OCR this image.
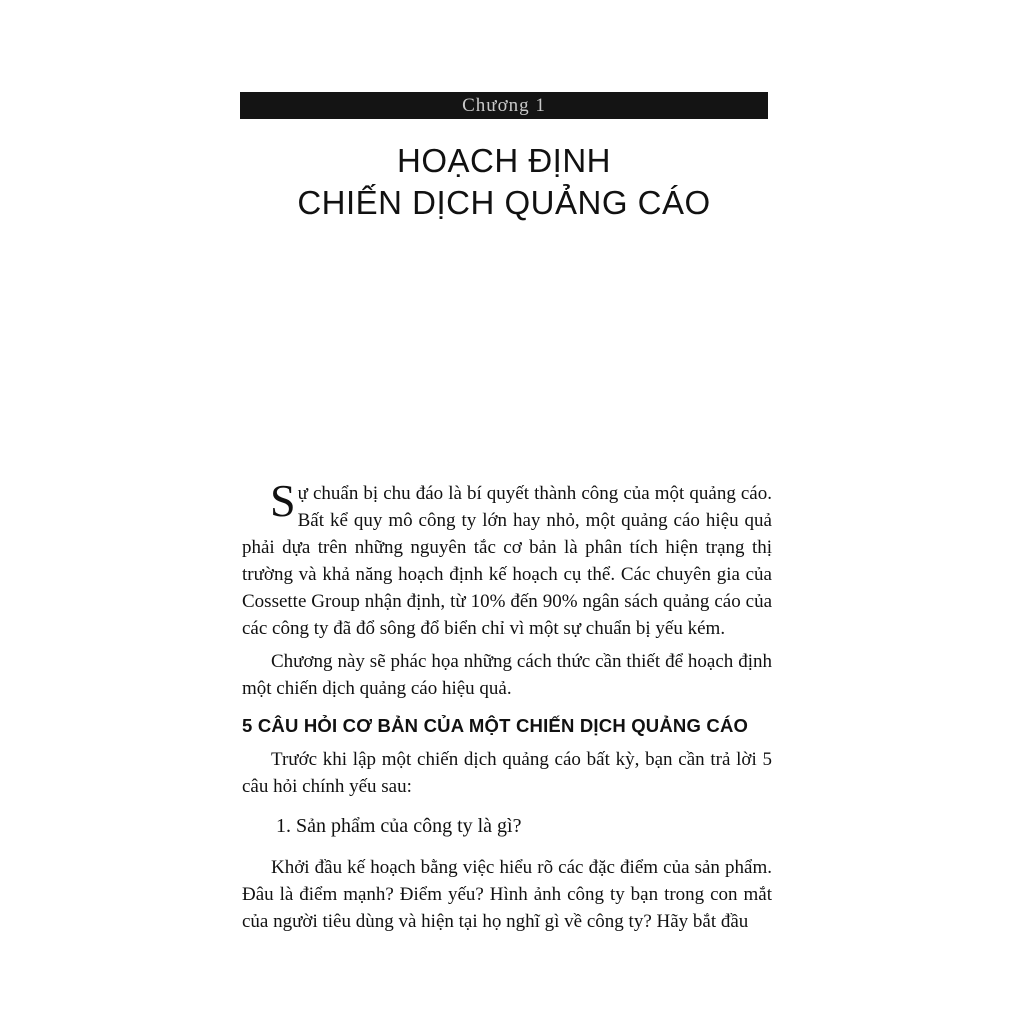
Chương 1
HOẠCH ĐỊNH
CHIẾN DỊCH QUẢNG CÁO

Sự chuẩn bị chu đáo là bí quyết thành công của một quảng cáo. Bất kể quy mô công ty lớn hay nhỏ, một quảng cáo hiệu quả phải dựa trên những nguyên tắc cơ bản là phân tích hiện trạng thị trường và khả năng hoạch định kế hoạch cụ thể. Các chuyên gia của Cossette Group nhận định, từ 10% đến 90% ngân sách quảng cáo của các công ty đã đổ sông đổ biển chỉ vì một sự chuẩn bị yếu kém.

Chương này sẽ phác họa những cách thức cần thiết để hoạch định một chiến dịch quảng cáo hiệu quả.

5 CÂU HỎI CƠ BẢN CỦA MỘT CHIẾN DỊCH QUẢNG CÁO

Trước khi lập một chiến dịch quảng cáo bất kỳ, bạn cần trả lời 5 câu hỏi chính yếu sau:

1. Sản phẩm của công ty là gì?

Khởi đầu kế hoạch bằng việc hiểu rõ các đặc điểm của sản phẩm. Đâu là điểm mạnh? Điểm yếu? Hình ảnh công ty bạn trong con mắt của người tiêu dùng và hiện tại họ nghĩ gì về công ty? Hãy bắt đầu
